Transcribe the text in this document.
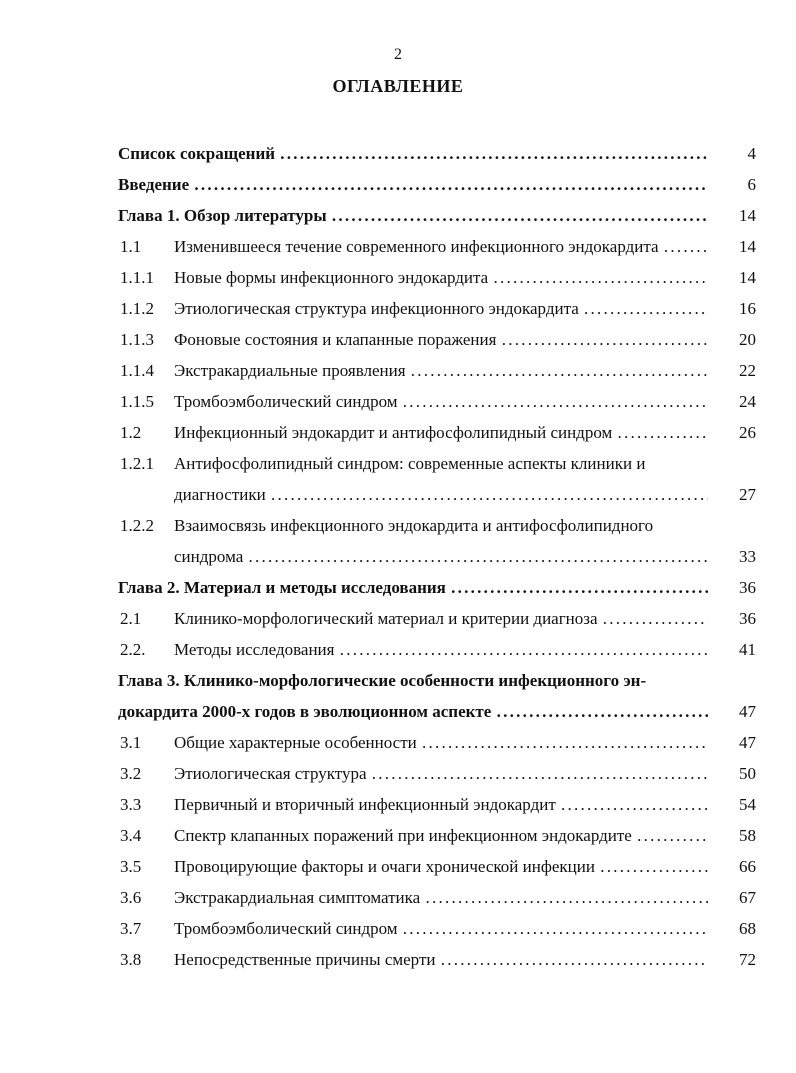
2
ОГЛАВЛЕНИЕ
Список сокращений . . .	4
Введение . . .	6
Глава 1. Обзор литературы . . .	14
1.1 Изменившееся течение современного инфекционного эндокардита . . .	14
1.1.1 Новые формы инфекционного эндокардита . . .	14
1.1.2 Этиологическая структура инфекционного эндокардита . . .	16
1.1.3 Фоновые состояния и клапанные поражения . . .	20
1.1.4 Экстракардиальные проявления . . .	22
1.1.5 Тромбоэмболический синдром . . .	24
1.2 Инфекционный эндокардит и антифосфолипидный синдром . . .	26
1.2.1 Антифосфолипидный синдром: современные аспекты клиники и
диагностики . . .	27
1.2.2 Взаимосвязь инфекционного эндокардита и антифосфолипидного
синдрома . . .	33
Глава 2. Материал и методы исследования . . .	36
2.1 Клинико-морфологический материал и критерии диагноза . . .	36
2.2. Методы исследования . . .	41
Глава 3. Клинико-морфологические особенности инфекционного эн-
докардита 2000-х годов в эволюционном аспекте . . .	47
3.1 Общие характерные особенности . . .	47
3.2 Этиологическая структура . . .	50
3.3 Первичный и вторичный инфекционный эндокардит . . .	54
3.4 Спектр клапанных поражений при инфекционном эндокардите . . .	58
3.5 Провоцирующие факторы и очаги хронической инфекции . . .	66
3.6 Экстракардиальная симптоматика . . .	67
3.7 Тромбоэмболический синдром . . .	68
3.8 Непосредственные причины смерти . . .	72
